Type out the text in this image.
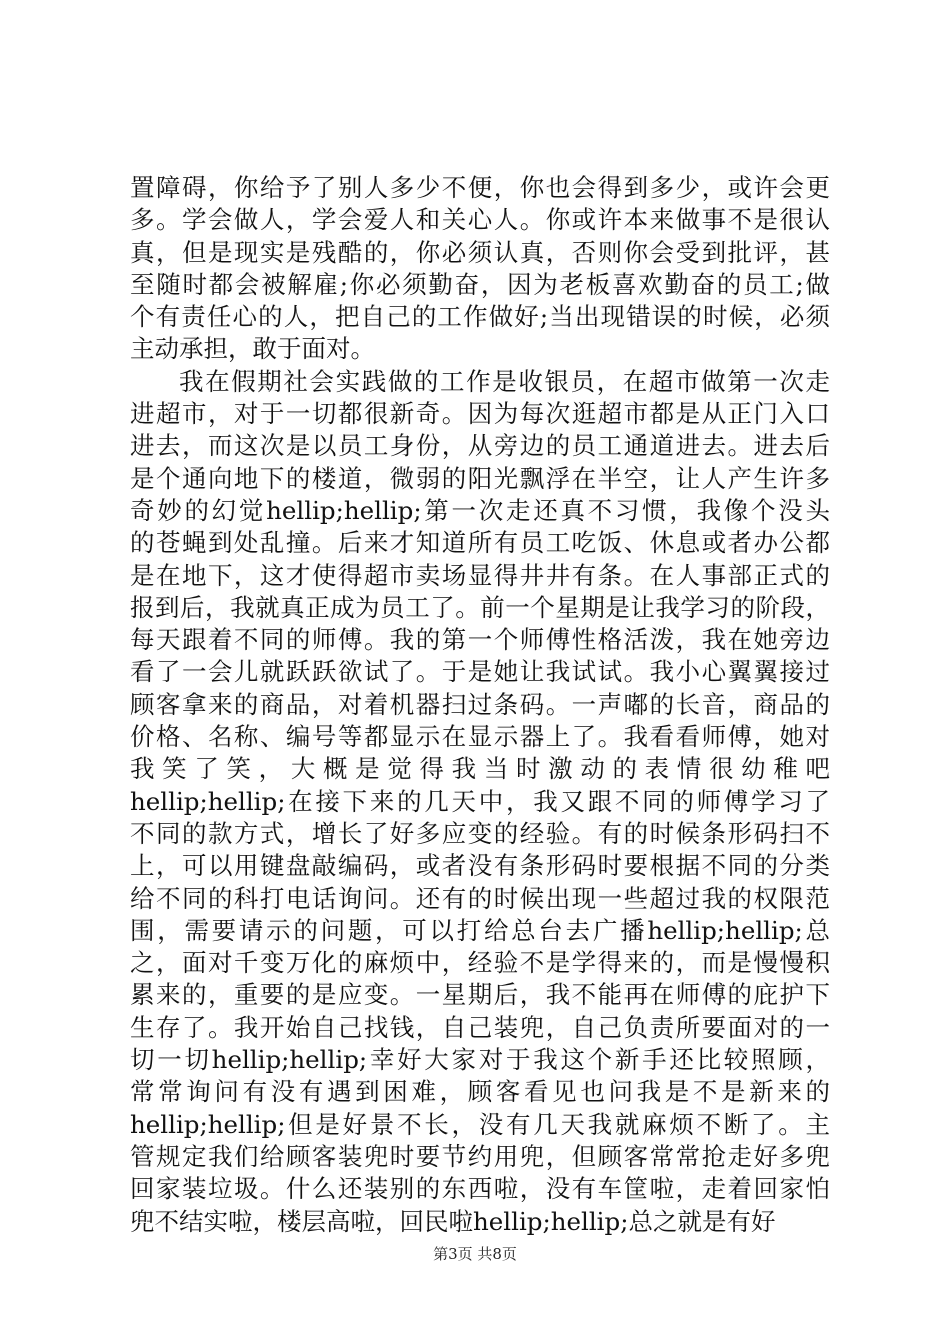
置障碍，你给予了别人多少不便，你也会得到多少，或许会更
多。学会做人，学会爱人和关心人。你或许本来做事不是很认
真，但是现实是残酷的，你必须认真，否则你会受到批评，甚
至随时都会被解雇;你必须勤奋，因为老板喜欢勤奋的员工;做
个有责任心的人，把自己的工作做好;当出现错误的时候，必须
主动承担，敢于面对。
我在假期社会实践做的工作是收银员，在超市做第一次走
进超市，对于一切都很新奇。因为每次逛超市都是从正门入口
进去，而这次是以员工身份，从旁边的员工通道进去。进去后
是个通向地下的楼道，微弱的阳光飘浮在半空，让人产生许多
奇妙的幻觉hellip;hellip;第一次走还真不习惯，我像个没头
的苍蝇到处乱撞。后来才知道所有员工吃饭、休息或者办公都
是在地下，这才使得超市卖场显得井井有条。在人事部正式的
报到后，我就真正成为员工了。前一个星期是让我学习的阶段，
每天跟着不同的师傅。我的第一个师傅性格活泼，我在她旁边
看了一会儿就跃跃欲试了。于是她让我试试。我小心翼翼接过
顾客拿来的商品，对着机器扫过条码。一声嘟的长音，商品的
价格、名称、编号等都显示在显示器上了。我看看师傅，她对
我笑了笑，大概是觉得我当时激动的表情很幼稚吧
hellip;hellip;在接下来的几天中，我又跟不同的师傅学习了
不同的款方式，增长了好多应变的经验。有的时候条形码扫不
上，可以用键盘敲编码，或者没有条形码时要根据不同的分类
给不同的科打电话询问。还有的时候出现一些超过我的权限范
围，需要请示的问题，可以打给总台去广播hellip;hellip;总
之，面对千变万化的麻烦中，经验不是学得来的，而是慢慢积
累来的，重要的是应变。一星期后，我不能再在师傅的庇护下
生存了。我开始自己找钱，自己装兜，自己负责所要面对的一
切一切hellip;hellip;幸好大家对于我这个新手还比较照顾，
常常询问有没有遇到困难，顾客看见也问我是不是新来的
hellip;hellip;但是好景不长，没有几天我就麻烦不断了。主
管规定我们给顾客装兜时要节约用兜，但顾客常常抢走好多兜
回家装垃圾。什么还装别的东西啦，没有车筐啦，走着回家怕
兜不结实啦，楼层高啦，回民啦hellip;hellip;总之就是有好
第3页 共8页
